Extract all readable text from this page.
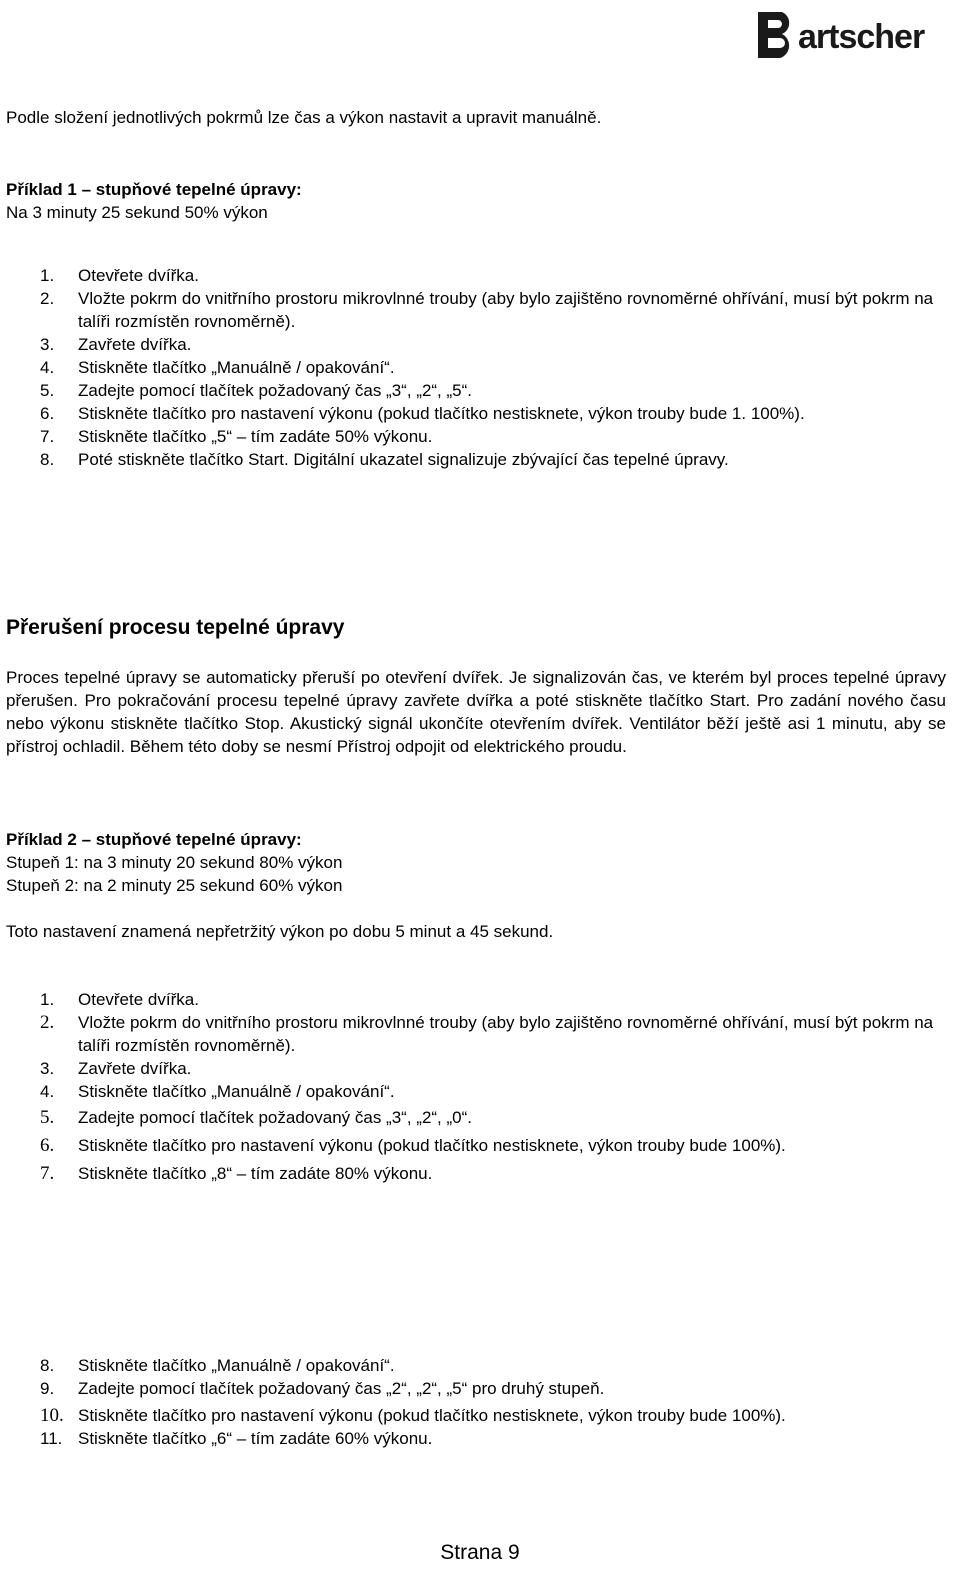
artscher
Podle složení jednotlivých pokrmů lze čas a výkon nastavit a upravit manuálně.
Příklad 1 – stupňové tepelné úpravy:
Na 3 minuty 25 sekund 50% výkon
1.	Otevřete dvířka.
2.	Vložte pokrm do vnitřního prostoru mikrovlnné trouby (aby bylo zajištěno rovnoměrné ohřívání, musí být pokrm na talíři rozmístěn rovnoměrně).
3.	Zavřete dvířka.
4.	Stiskněte tlačítko „Manuálně / opakování“.
5.	Zadejte pomocí tlačítek požadovaný čas „3“, „2“, „5“.
6.	Stiskněte tlačítko pro nastavení výkonu (pokud tlačítko nestisknete, výkon trouby bude 1. 100%).
7.	Stiskněte tlačítko „5“ – tím zadáte 50% výkonu.
8.	Poté stiskněte tlačítko Start. Digitální ukazatel signalizuje zbývající čas tepelné úpravy.
Přerušení procesu tepelné úpravy
Proces tepelné úpravy se automaticky přeruší po otevření dvířek. Je signalizován čas, ve kterém byl proces tepelné úpravy přerušen. Pro pokračování procesu tepelné úpravy zavřete dvířka a poté stiskněte tlačítko Start. Pro zadání nového času nebo výkonu stiskněte tlačítko Stop. Akustický signál ukončíte otevřením dvířek. Ventilátor běží ještě asi 1 minutu, aby se přístroj ochladil. Během této doby se nesmí Přístroj odpojit od elektrického proudu.
Příklad 2 – stupňové tepelné úpravy:
Stupeň 1: na 3 minuty 20 sekund 80% výkon
Stupeň 2: na 2 minuty 25 sekund 60% výkon
Toto nastavení znamená nepřetržitý výkon po dobu 5 minut a 45 sekund.
1.	Otevřete dvířka.
2.	Vložte pokrm do vnitřního prostoru mikrovlnné trouby (aby bylo zajištěno rovnoměrné ohřívání, musí být pokrm na talíři rozmístěn rovnoměrně).
3.	Zavřete dvířka.
4.	Stiskněte tlačítko „Manuálně / opakování“.
5.	Zadejte pomocí tlačítek požadovaný čas „3“, „2“, „0“.
6.	Stiskněte tlačítko pro nastavení výkonu (pokud tlačítko nestisknete, výkon trouby bude 100%).
7.	Stiskněte tlačítko „8“ – tím zadáte 80% výkonu.
8.	Stiskněte tlačítko „Manuálně / opakování“.
9.	Zadejte pomocí tlačítek požadovaný čas „2“, „2“, „5“ pro druhý stupeň.
10. Stiskněte tlačítko pro nastavení výkonu (pokud tlačítko nestisknete, výkon trouby bude 100%).
11. Stiskněte tlačítko „6“ – tím zadáte 60% výkonu.
Strana 9
